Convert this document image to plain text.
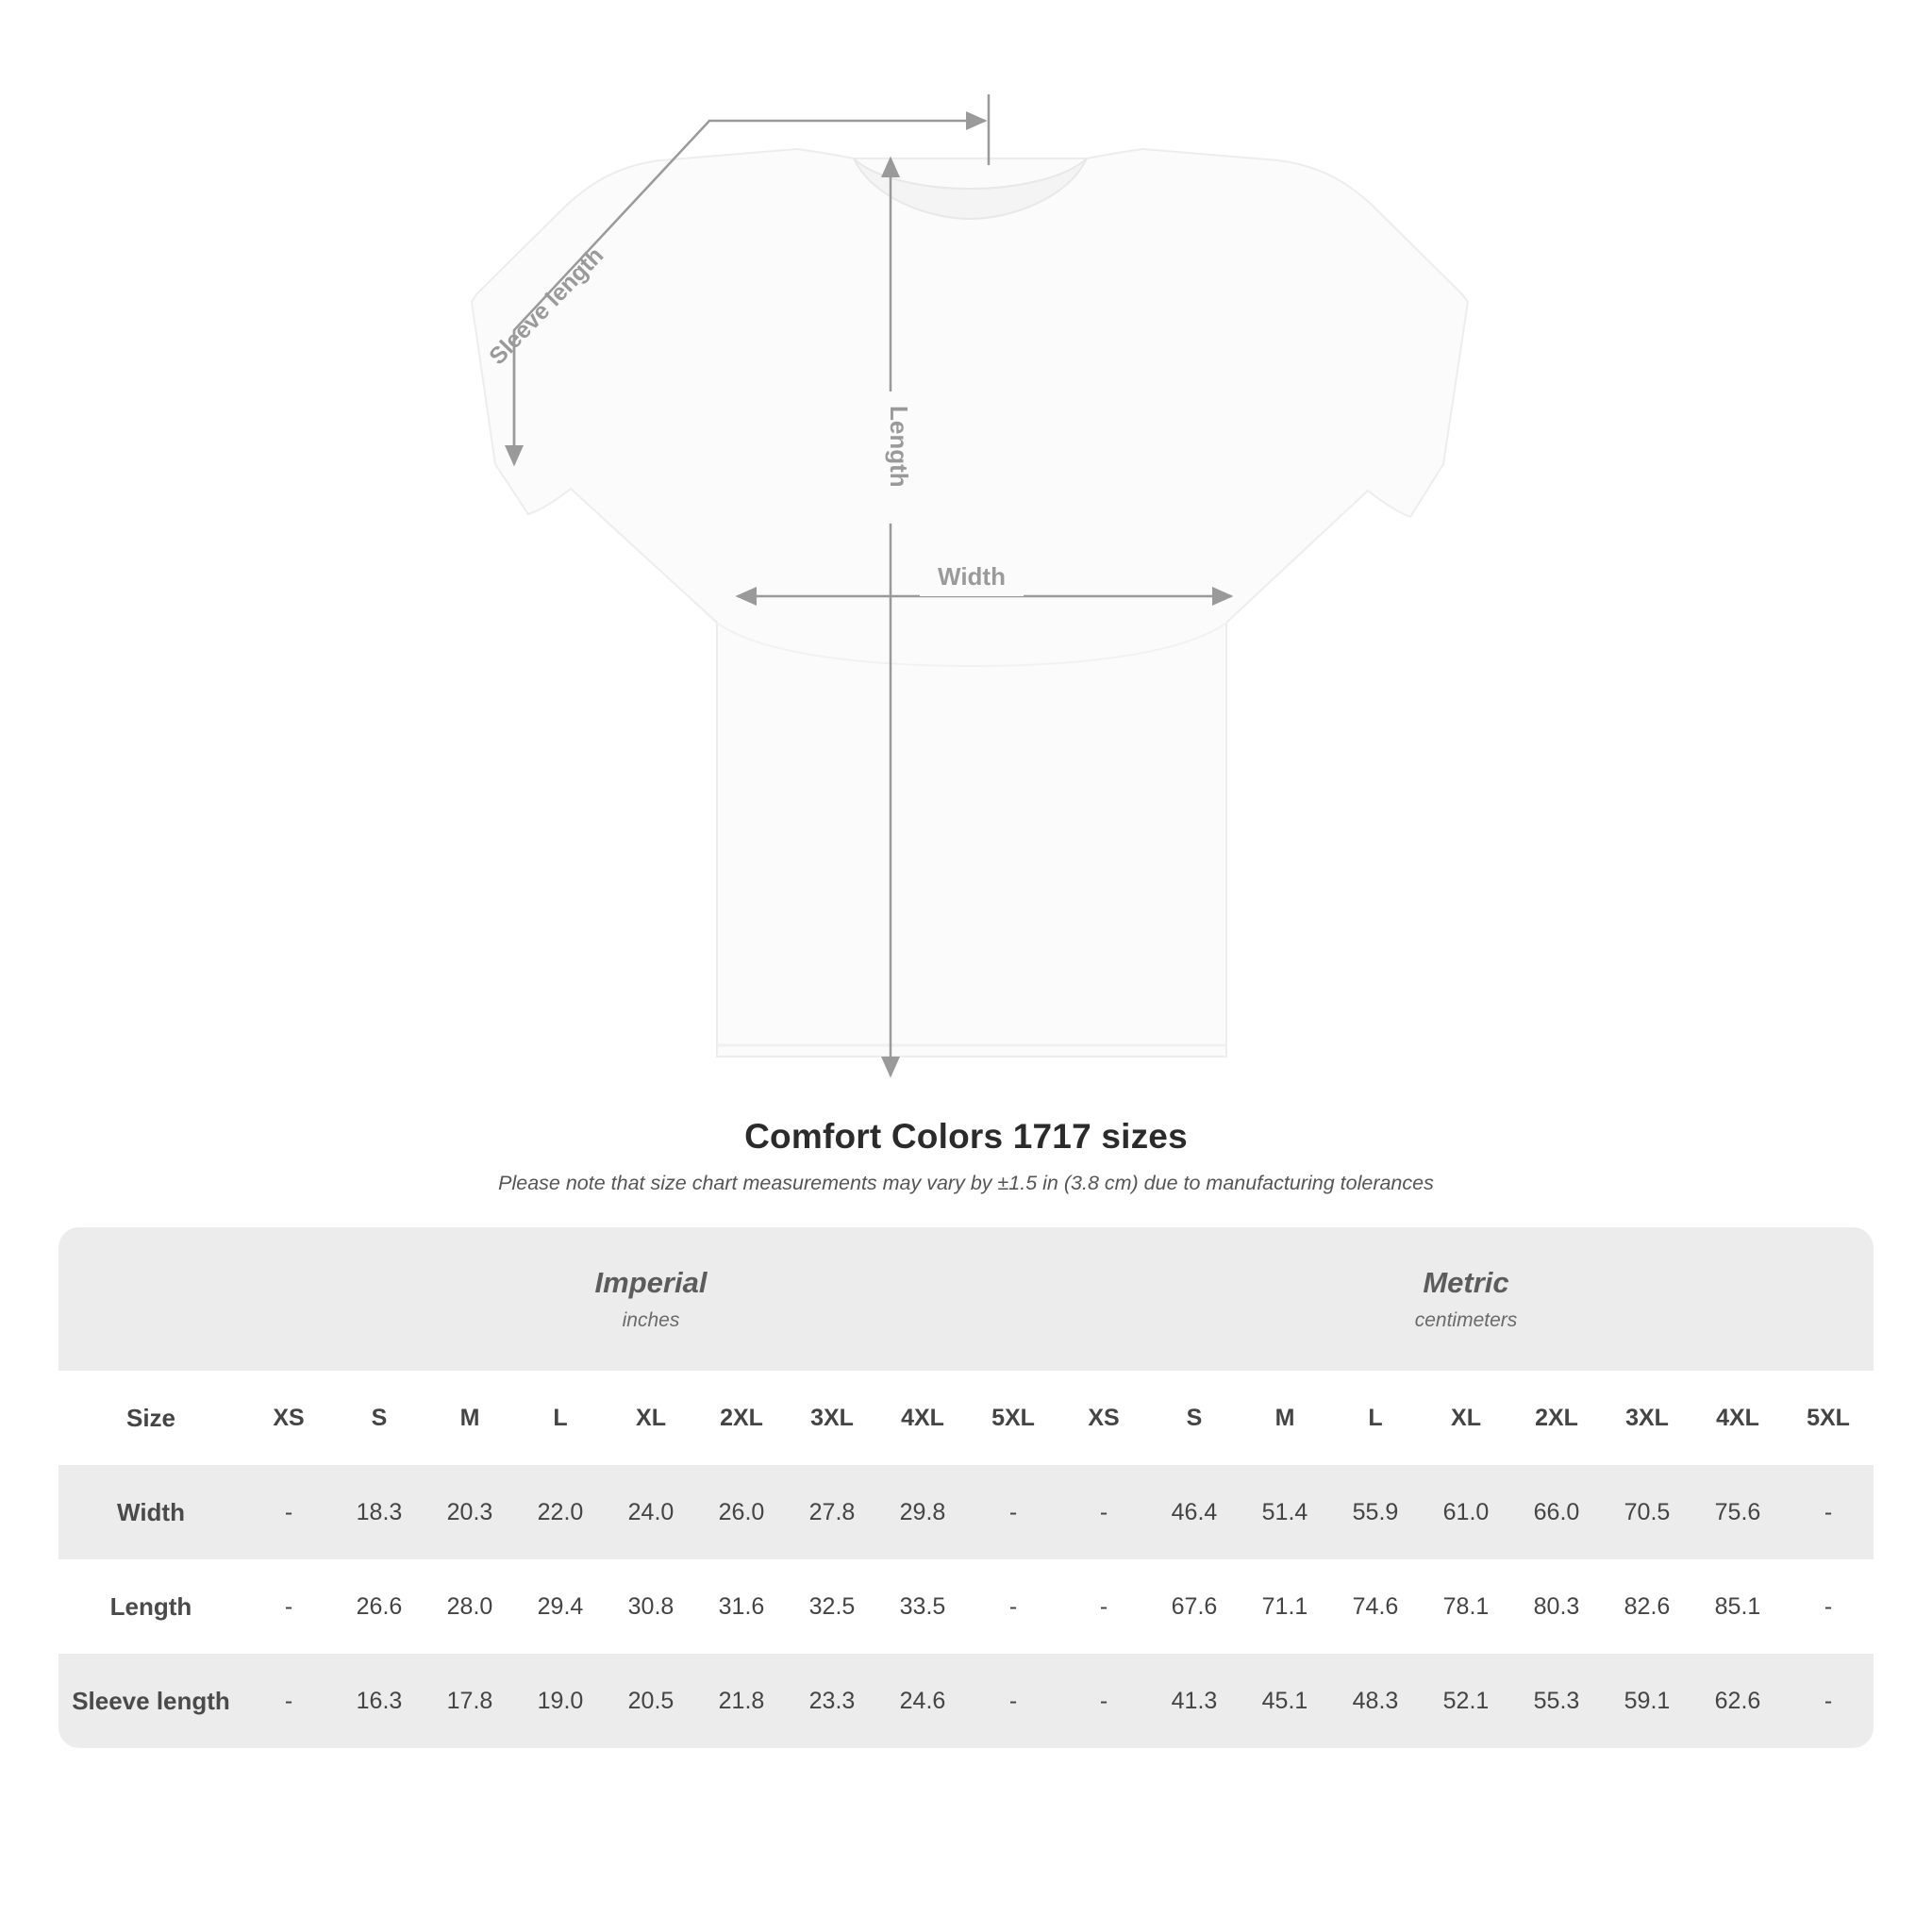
Length
Width
Sleeve length
Comfort Colors 1717 sizes
Please note that size chart measurements may vary by ±1.5 in (3.8 cm) due to manufacturing tolerances

Imperial
inches

Metric
centimeters

Size	XS	S	M	L	XL	2XL	3XL	4XL	5XL	XS	S	M	L	XL	2XL	3XL	4XL	5XL
Width	-	18.3	20.3	22.0	24.0	26.0	27.8	29.8	-	-	46.4	51.4	55.9	61.0	66.0	70.5	75.6	-
Length	-	26.6	28.0	29.4	30.8	31.6	32.5	33.5	-	-	67.6	71.1	74.6	78.1	80.3	82.6	85.1	-
Sleeve length	-	16.3	17.8	19.0	20.5	21.8	23.3	24.6	-	-	41.3	45.1	48.3	52.1	55.3	59.1	62.6	-
